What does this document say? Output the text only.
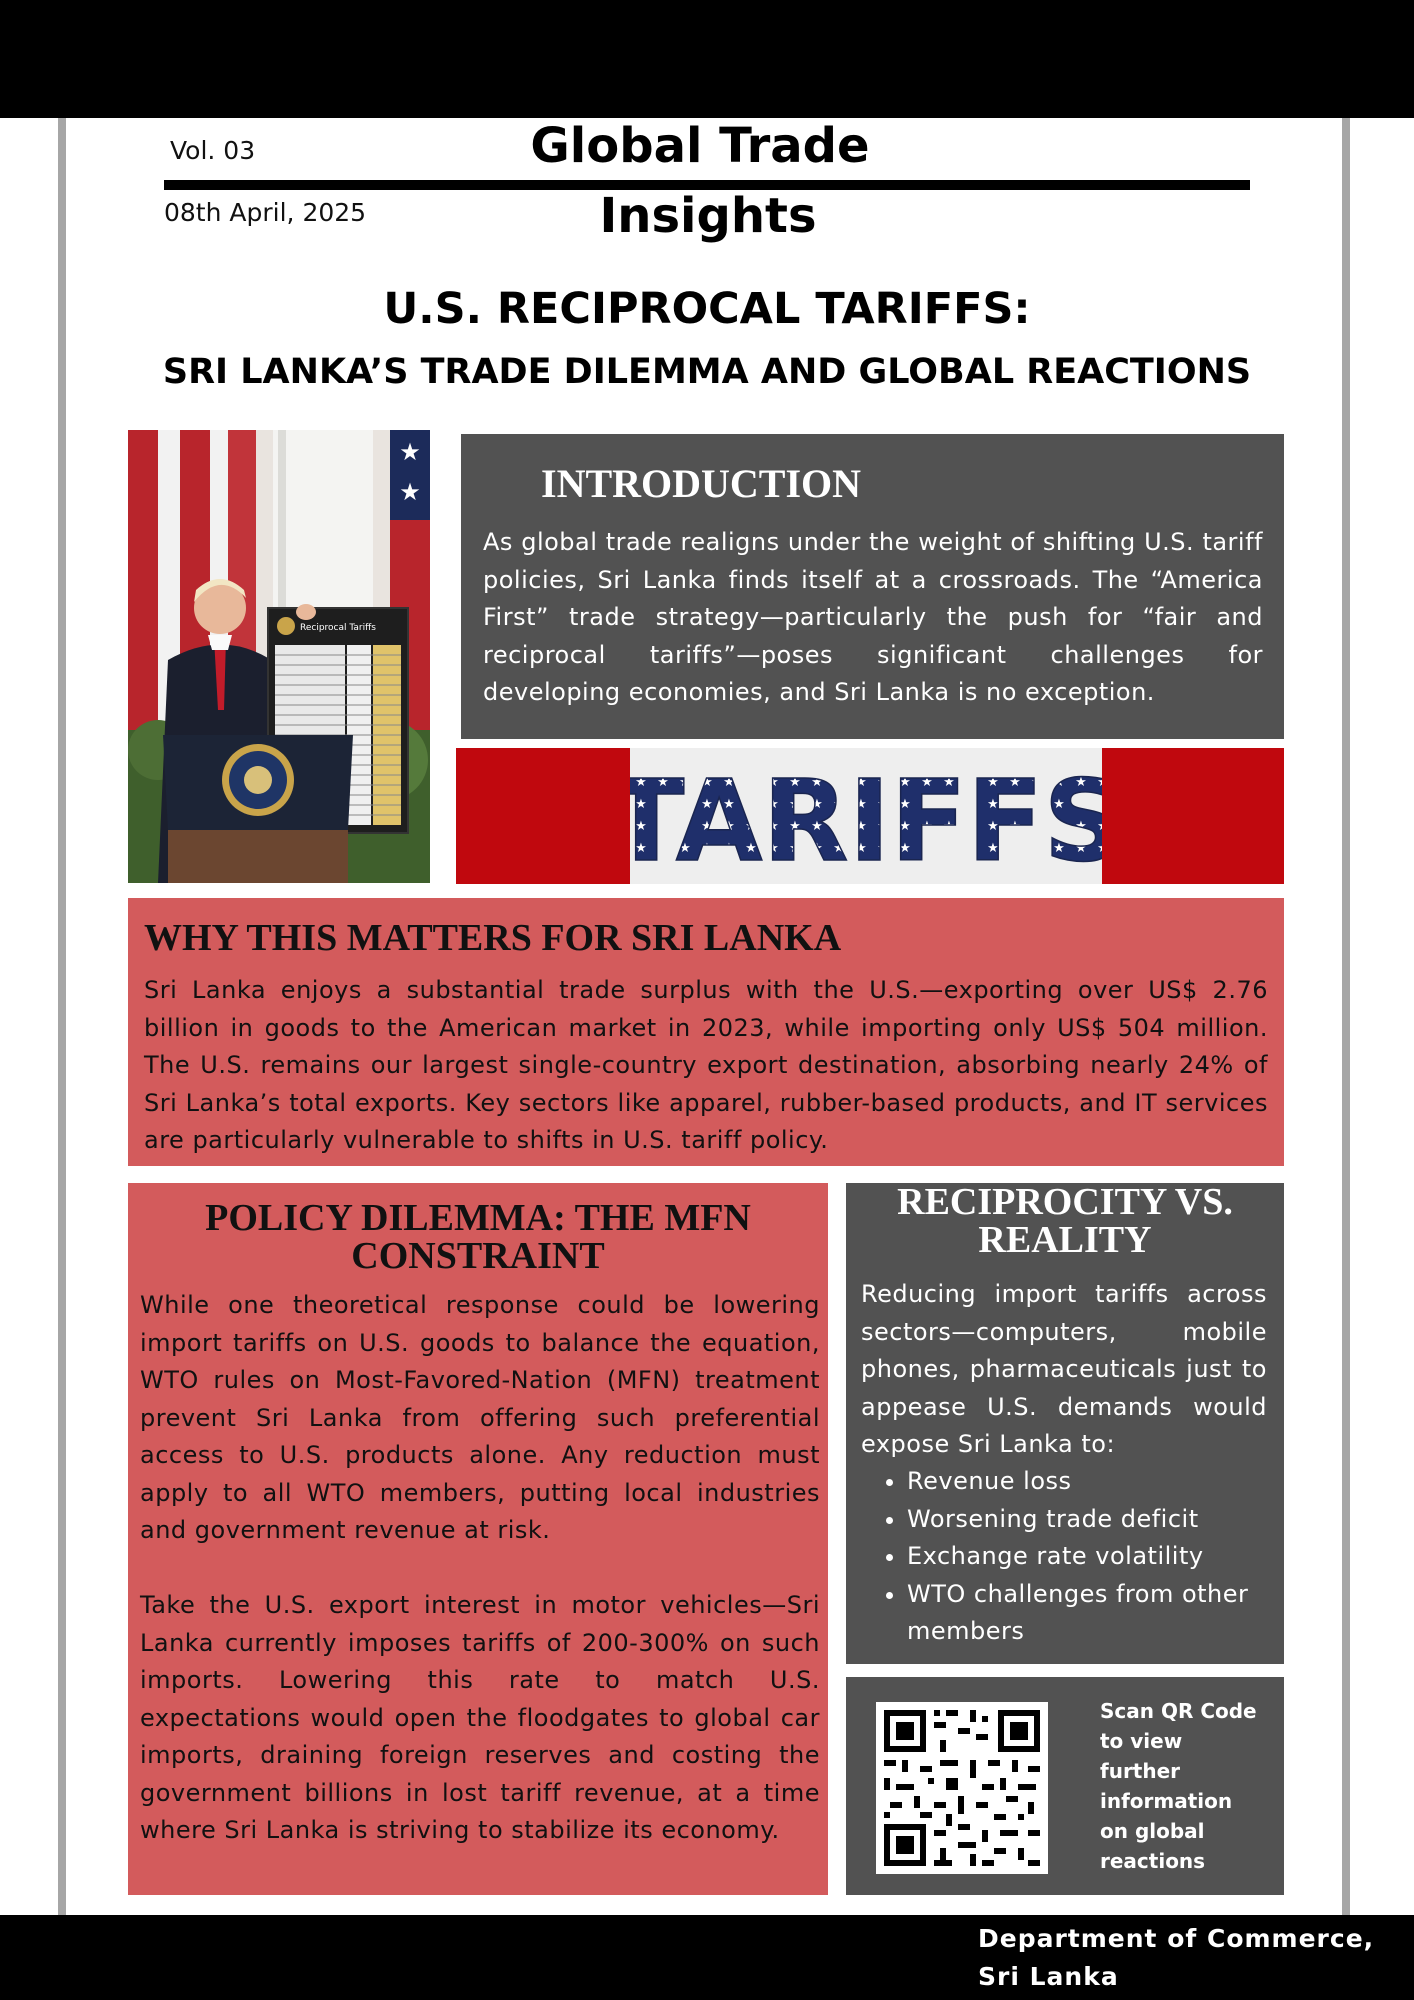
Vol. 03
08th April, 2025
Global Trade
Insights
U.S. RECIPROCAL TARIFFS:
SRI LANKA’S TRADE DILEMMA AND GLOBAL REACTIONS
★
★
Reciprocal Tariffs
INTRODUCTION
As global trade realigns under the weight of shifting U.S. tariff policies, Sri Lanka finds itself at a crossroads. The “America First” trade strategy—particularly the push for “fair and reciprocal tariffs”—poses significant challenges for developing economies, and Sri Lanka is no exception.
TARIFFS
WHY THIS MATTERS FOR SRI LANKA
Sri Lanka enjoys a substantial trade surplus with the U.S.—exporting over US$ 2.76 billion in goods to the American market in 2023, while importing only US$ 504 million. The U.S. remains our largest single-country export destination, absorbing nearly 24% of Sri Lanka’s total exports. Key sectors like apparel, rubber-based products, and IT services are particularly vulnerable to shifts in U.S. tariff policy.
POLICY DILEMMA: THE MFN CONSTRAINT
While one theoretical response could be lowering import tariffs on U.S. goods to balance the equation, WTO rules on Most-Favored-Nation (MFN) treatment prevent Sri Lanka from offering such preferential access to U.S. products alone. Any reduction must apply to all WTO members, putting local industries and government revenue at risk.
Take the U.S. export interest in motor vehicles—Sri Lanka currently imposes tariffs of 200-300% on such imports. Lowering this rate to match U.S. expectations would open the floodgates to global car imports, draining foreign reserves and costing the government billions in lost tariff revenue, at a time where Sri Lanka is striving to stabilize its economy.
RECIPROCITY VS. REALITY
Reducing import tariffs across sectors—computers, mobile phones, pharmaceuticals just to appease U.S. demands would expose Sri Lanka to:
• Revenue loss
• Worsening trade deficit
• Exchange rate volatility
• WTO challenges from other members
Scan QR Code to view further information on global reactions
Department of Commerce,
Sri Lanka
